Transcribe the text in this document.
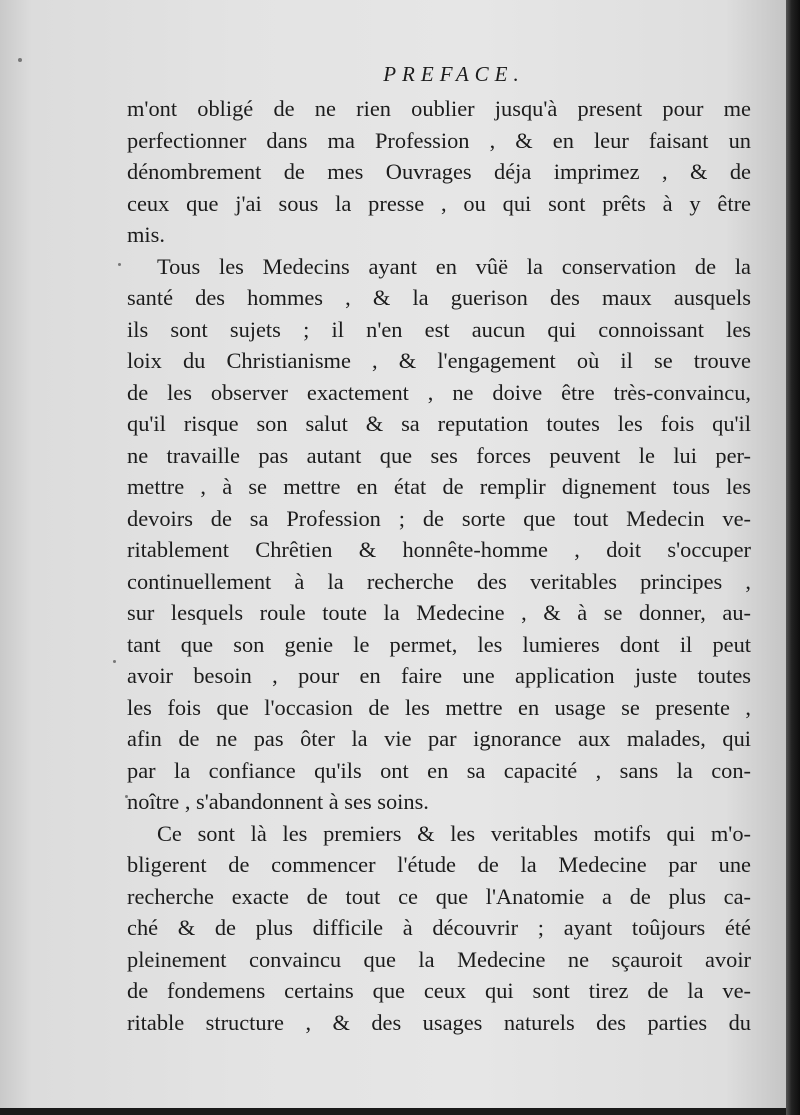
PREFACE.
m'ont obligé de ne rien oublier jusqu'à present pour me
perfectionner dans ma Profession , & en leur faisant un
dénombrement de mes Ouvrages déja imprimez , & de
ceux que j'ai sous la presse , ou qui sont prêts à y être
mis.
Tous les Medecins ayant en vûë la conservation de la
santé des hommes , & la guerison des maux ausquels
ils sont sujets ; il n'en est aucun qui connoissant les
loix du Christianisme , & l'engagement où il se trouve
de les observer exactement , ne doive être très-convaincu,
qu'il risque son salut & sa reputation toutes les fois qu'il
ne travaille pas autant que ses forces peuvent le lui per-
mettre , à se mettre en état de remplir dignement tous les
devoirs de sa Profession ; de sorte que tout Medecin ve-
ritablement Chrêtien & honnête-homme , doit s'occuper
continuellement à la recherche des veritables principes ,
sur lesquels roule toute la Medecine , & à se donner, au-
tant que son genie le permet, les lumieres dont il peut
avoir besoin , pour en faire une application juste toutes
les fois que l'occasion de les mettre en usage se presente ,
afin de ne pas ôter la vie par ignorance aux malades, qui
par la confiance qu'ils ont en sa capacité , sans la con-
noître , s'abandonnent à ses soins.
Ce sont là les premiers & les veritables motifs qui m'o-
bligerent de commencer l'étude de la Medecine par une
recherche exacte de tout ce que l'Anatomie a de plus ca-
ché & de plus difficile à découvrir ; ayant toûjours été
pleinement convaincu que la Medecine ne sçauroit avoir
de fondemens certains que ceux qui sont tirez de la ve-
ritable structure , & des usages naturels des parties du
